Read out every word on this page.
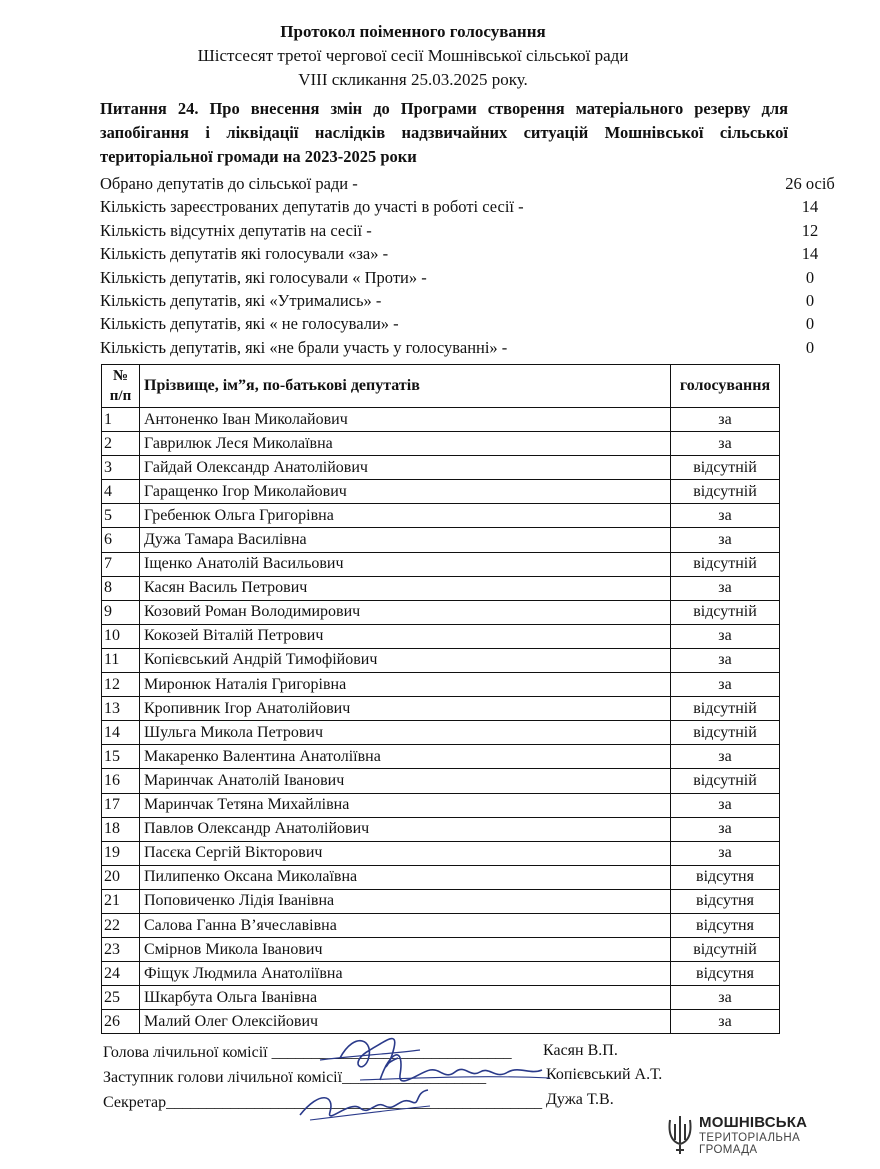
Протокол поіменного голосування
Шістсесят третої чергової сесії Мошнівської сільської ради
VIII скликання 25.03.2025 року.
Питання 24. Про внесення змін до Програми створення матеріального резерву для запобігання і ліквідації наслідків надзвичайних ситуацій Мошнівської сільської територіальної громади на 2023-2025 роки
Обрано депутатів до сільської ради -	26 осіб
Кількість зареєстрованих депутатів до участі в роботі сесії -	14
Кількість відсутніх депутатів на сесії -	12
Кількість депутатів які голосували «за» -	14
Кількість депутатів, які голосували « Проти» -	0
Кількість депутатів, які «Утримались» -	0
Кількість депутатів, які « не голосували» -	0
Кількість депутатів, які «не брали участь у голосуванні» -	0
№
п/п	Прізвище, ім”я, по-батькові депутатів	голосування
1	Антоненко Іван Миколайович	за
2	Гаврилюк Леся Миколаївна	за
3	Гайдай Олександр Анатолійович	відсутній
4	Гаращенко Ігор Миколайович	відсутній
5	Гребенюк Ольга Григорівна	за
6	Дужа Тамара Василівна	за
7	Іщенко Анатолій Васильович	відсутній
8	Касян Василь Петрович	за
9	Козовий Роман Володимирович	відсутній
10	Кокозей Віталій Петрович	за
11	Копієвський Андрій Тимофійович	за
12	Миронюк Наталія Григорівна	за
13	Кропивник Ігор Анатолійович	відсутній
14	Шульга Микола Петрович	відсутній
15	Макаренко Валентина Анатоліївна	за
16	Маринчак Анатолій Іванович	відсутній
17	Маринчак Тетяна Михайлівна	за
18	Павлов Олександр Анатолійович	за
19	Пасєка Сергій Вікторович	за
20	Пилипенко Оксана Миколаївна	відсутня
21	Поповиченко Лідія Іванівна	відсутня
22	Салова Ганна В’ячеславівна	відсутня
23	Смірнов Микола Іванович	відсутній
24	Фіщук Людмила Анатоліївна	відсутня
25	Шкарбута Ольга Іванівна	за
26	Малий Олег Олексійович	за
Голова лічильної комісії ______________________________ Касян В.П.
Заступник голови лічильної комісії__________________	Копієвський А.Т.
Секретар_______________________________________________ Дужа Т.В.
МОШНІВСЬКА
ТЕРИТОРІАЛЬНА
ГРОМАДА
